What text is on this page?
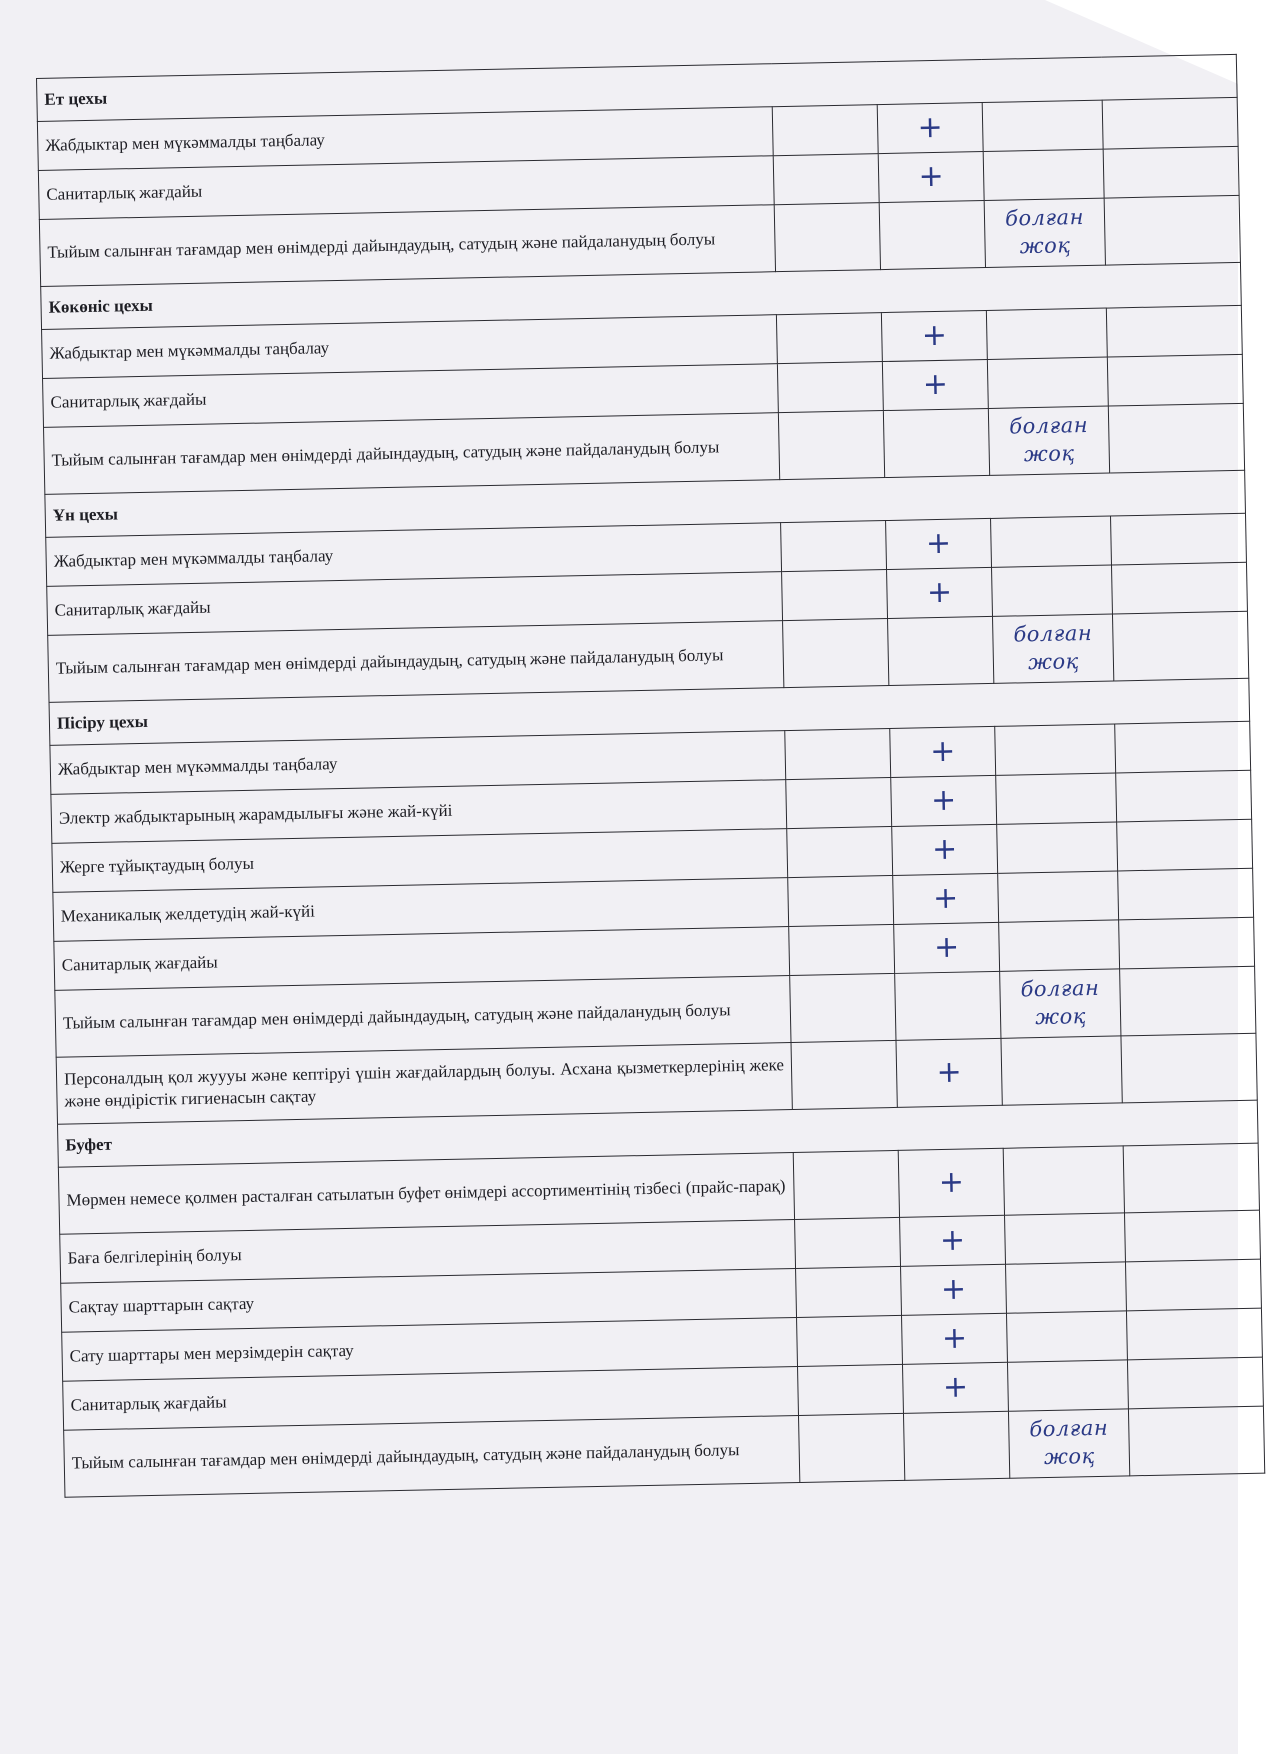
Ет цехы				
Жабдыктар мен мүкәммалды таңбалау		+		
Санитарлық жағдайы		+		
Тыйым салынған тағамдар мен өнімдерді дайындаудың, сатудың және пайдаланудың болуы			болған жоқ	
Көкөніс цехы				
Жабдыктар мен мүкәммалды таңбалау		+		
Санитарлық жағдайы		+		
Тыйым салынған тағамдар мен өнімдерді дайындаудың, сатудың және пайдаланудың болуы			болған жоқ	
Ұн цехы				
Жабдыктар мен мүкәммалды таңбалау		+		
Санитарлық жағдайы		+		
Тыйым салынған тағамдар мен өнімдерді дайындаудың, сатудың және пайдаланудың болуы			болған жоқ	
Пісіру цехы				
Жабдыктар мен мүкәммалды таңбалау		+		
Электр жабдыктарының жарамдылығы және жай-күйі		+		
Жерге тұйықтаудың болуы		+		
Механикалық желдетудің жай-күйі		+		
Санитарлық жағдайы		+		
Тыйым салынған тағамдар мен өнімдерді дайындаудың, сатудың және пайдаланудың болуы			болған жоқ	
Персоналдың қол жуууы және кептіруі үшін жағдайлардың болуы. Асхана қызметкерлерінің жеке және өндірістік гигиенасын сақтау		+		
Буфет				
Мөрмен немесе қолмен расталған сатылатын буфет өнімдері ассортиментінің тізбесі (прайс-парақ)		+		
Баға белгілерінің болуы		+		
Сақтау шарттарын сақтау		+		
Сату шарттары мен мерзімдерін сақтау		+		
Санитарлық жағдайы		+		
Тыйым салынған тағамдар мен өнімдерді дайындаудың, сатудың және пайдаланудың болуы			болған жоқ	
